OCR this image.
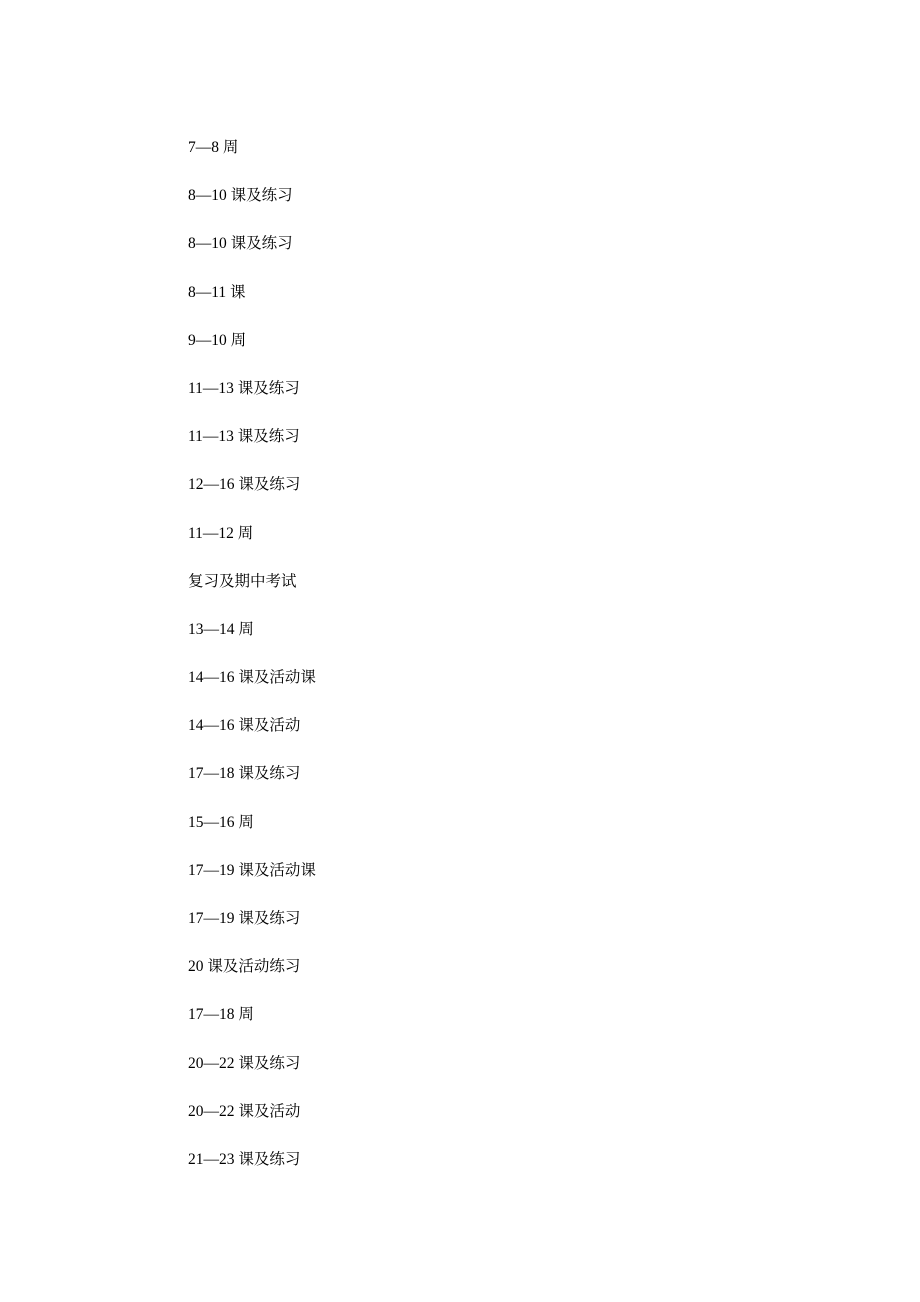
7—8 周
8—10 课及练习
8—10 课及练习
8—11 课
9—10 周
11—13 课及练习
11—13 课及练习
12—16 课及练习
11—12 周
复习及期中考试
13—14 周
14—16 课及活动课
14—16 课及活动
17—18 课及练习
15—16 周
17—19 课及活动课
17—19 课及练习
20 课及活动练习
17—18 周
20—22 课及练习
20—22 课及活动
21—23 课及练习
